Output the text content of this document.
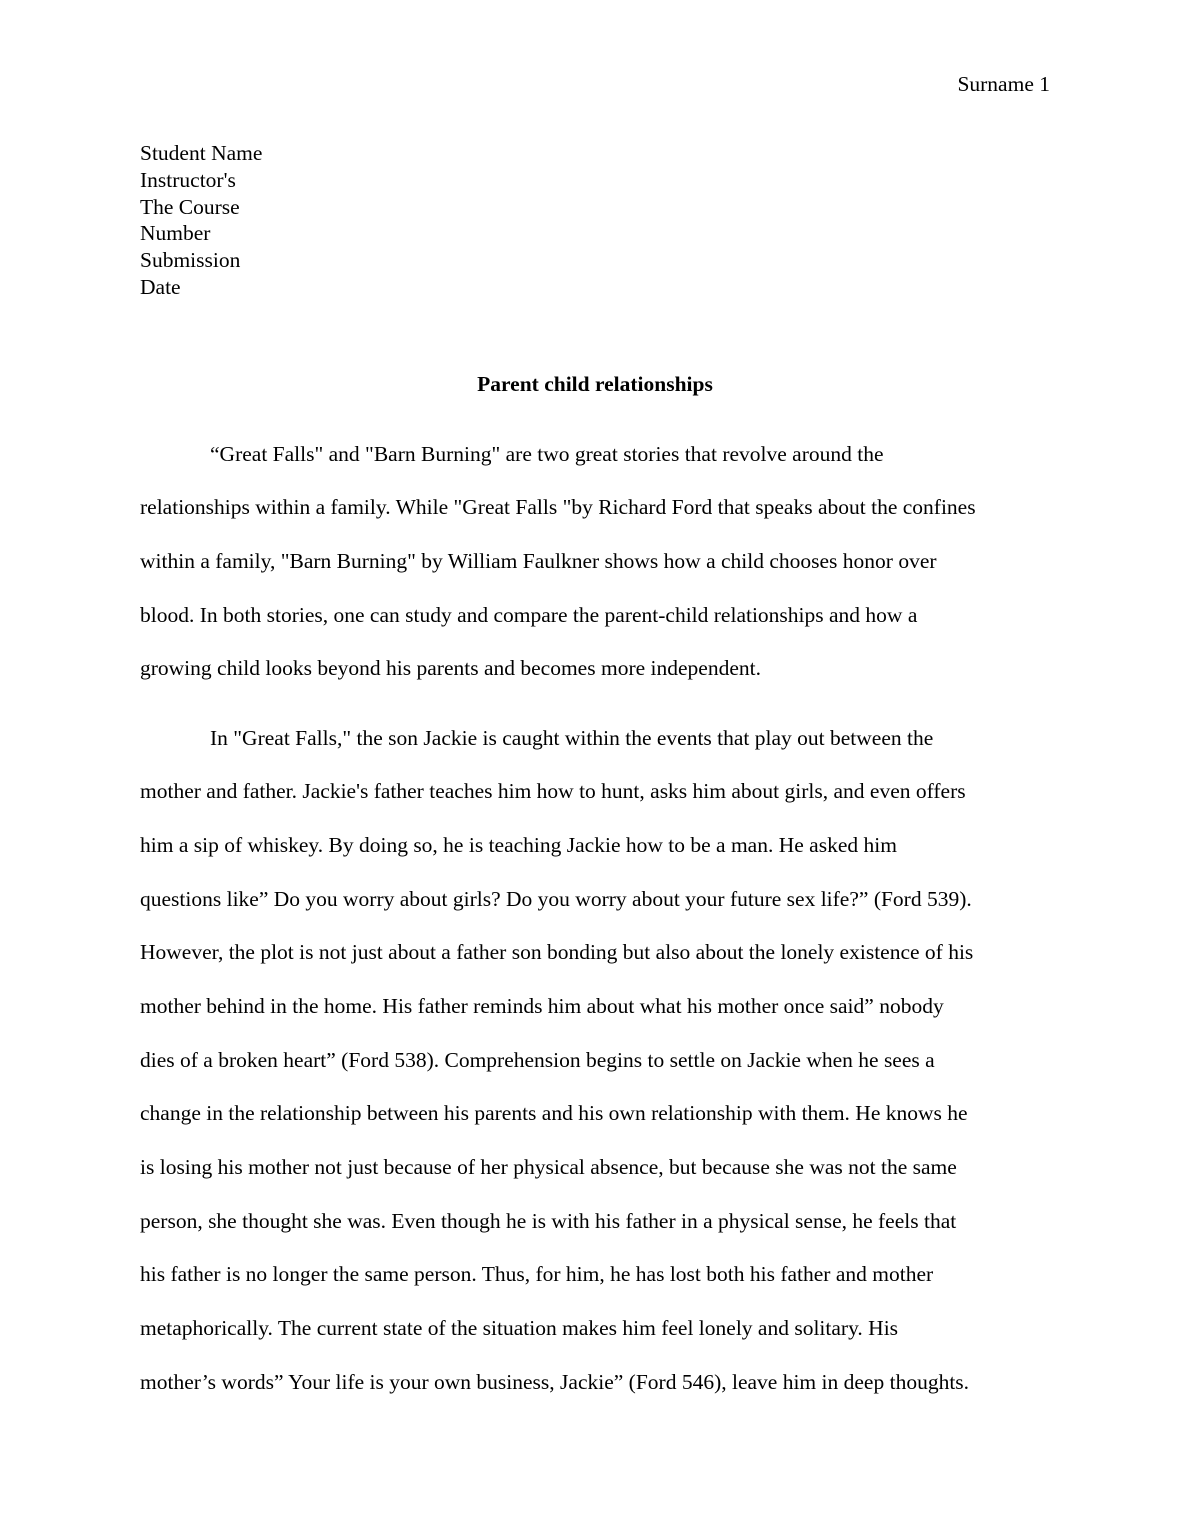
Surname 1
Student Name
Instructor's
The Course
Number
Submission
Date
Parent child relationships
“Great Falls" and "Barn Burning" are two great stories that revolve around the
relationships within a family. While "Great Falls "by Richard Ford that speaks about the confines
within a family, "Barn Burning" by William Faulkner shows how a child chooses honor over
blood. In both stories, one can study and compare the parent-child relationships and how a
growing child looks beyond his parents and becomes more independent.
In "Great Falls," the son Jackie is caught within the events that play out between the
mother and father. Jackie's father teaches him how to hunt, asks him about girls, and even offers
him a sip of whiskey. By doing so, he is teaching Jackie how to be a man. He asked him
questions like” Do you worry about girls? Do you worry about your future sex life?” (Ford 539).
However, the plot is not just about a father son bonding but also about the lonely existence of his
mother behind in the home. His father reminds him about what his mother once said” nobody
dies of a broken heart” (Ford 538). Comprehension begins to settle on Jackie when he sees a
change in the relationship between his parents and his own relationship with them. He knows he
is losing his mother not just because of her physical absence, but because she was not the same
person, she thought she was. Even though he is with his father in a physical sense, he feels that
his father is no longer the same person. Thus, for him, he has lost both his father and mother
metaphorically. The current state of the situation makes him feel lonely and solitary. His
mother’s words” Your life is your own business, Jackie” (Ford 546), leave him in deep thoughts.
